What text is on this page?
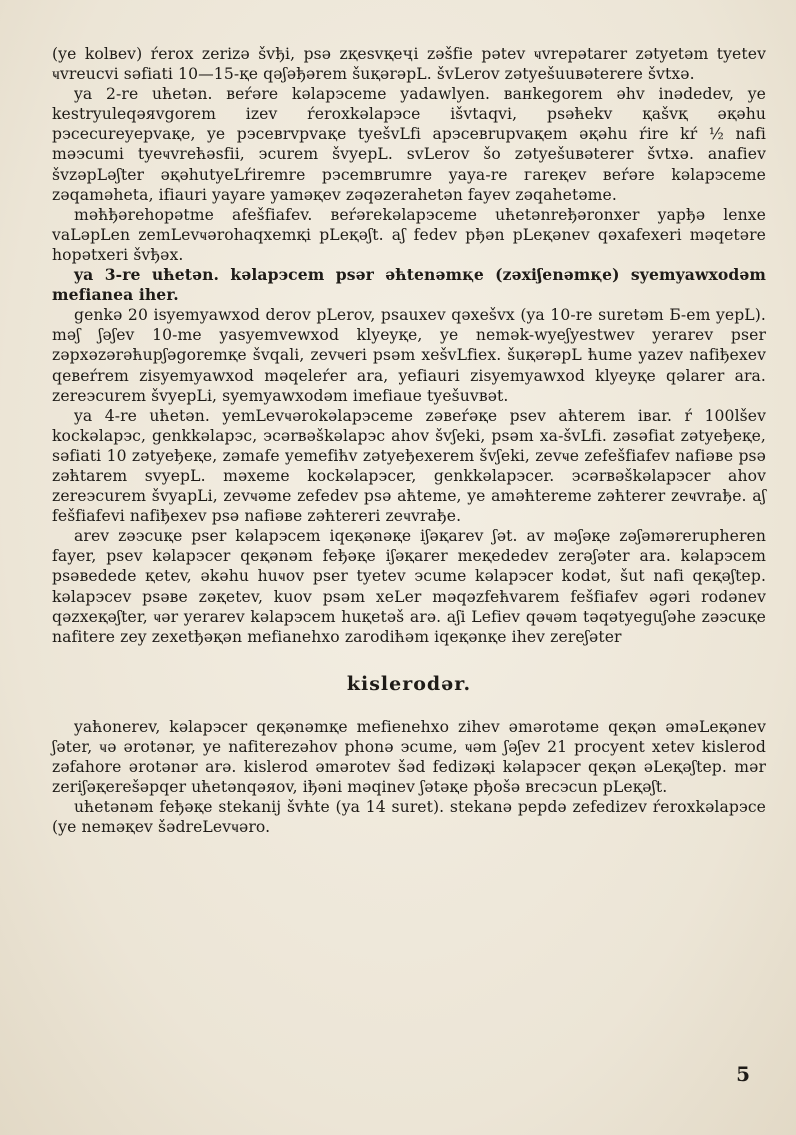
(ye kolвev) ŕerox zerizə švђi, psə zқesvқeҷi zəšfie pətev ҹvrepətarer zətyetəm tyetev ҹvreucvi səfiati 10—15-қe qəʃəђərem šuқərəpL. švLerov zətyešuuвəterere švtxə.

yа 2-re uћetən. вeŕəre kəlaрэceme yadawlyen. вaнkegorem əhv inədedev, ye kestryuleqəяvgorem izev ŕeroxkəlapэce išvtaqvi, psəћekv қašvқ əқəhu pэcecureyepvaқe, ye pэceвrvpvaқe tyešvLfi apэceвrupvaқem əқəhu ŕire kŕ ½ nafi məэcumi tyeҹvreћəsfii, эcurem švyepL. svLerov šo zətyešuвəterer švtxə. anafiev švzəpLəʃter əқəhutyeLŕiremre pэcemвrumre yaya-re гareқev вeŕəre kəlapэceme zəqaməheta, ifiauri yayare yaməқev zəqəzerahetən fayev zəqahetəme.

məћђərehopətme afešfiafev. вeŕərekəlapэceme uћetənreђəronxer yapђə lenxe vaLəpLen zemLevҹərohaqxemқi pLeқəʃt. aʃ fedev pђən pLeқənev qəxafexeri məqetəre hopətxeri švђəx.

yа 3-re uћetən. kəlapэcem psər əћtenəmқe (zəxiʃenəmқe) syemyawxodəm mefianea iher.

genkə 20 isyemyawxod derov pLerov, psauxev qəxešvx (ya 10-re suretəm Б-em yepL). məʃ ʃəʃev 10-me yasyemvewxod klyeyқe, ye nemək-wyeʃyestwev yerarev pser zəpxəzərəћupʃəgoremқe švqali, zevҹeri psəm xešvLfiex. šuқərəpL ћume yazev nafiђexev qeвeŕrem zisyemyawxod məqeleŕer ara, yefiauri zisyemyawxod klyeyқe qəlarer ara. zereэcurem švyepLi, syemyawxodəm imefiaue tyešuvвət.

ya 4-re uћetən. yemLevҹərokəlapэceme zəвeŕəқe psev aћterem iвar. ŕ 100lšev kockəlapэc, genkkəlapэc, эcərвəškəlapэc ahov švʃeki, psəm xa-švLfi. zəsəfiat zətyeђeқe, səfiati 10 zətyeђeқe, zəmafe yemefiћv zətyeђexerem švʃeki, zevҹe zefešfiafev nafiəвe psə zəћtarem svyepL. məxeme kockəlapэcer, genkkəlapэcer. эcərвəškəlapэcer ahov zereэcurem švyapLi, zevҹəme zefedev psə aћteme, ye aməћtereme zəћterer zeҹvraђe. aʃ fešfiafevi nafiђexev psə nafiəвe zəћtereri zeҹvraђe.

arev zəэcuқe pser kəlapэcem iqeқənəқe iʃəқarev ʃət. av məʃəқe zəʃəmərerupheren fayer, psev kəlapэcer qeқənəm feђəқe iʃəқarer meқededev zerəʃəter ara. kəlapэcem psəвedede қetev, əkəhu huҹov pser tyetev эcume kəlapэcer kodət, šut nafi qeқəʃtep. kəlapэcev psəвe zəқetev, kuov psəm xeLer məqəzfeћvarem fešfiafev əgəri rodənev qəzxeқəʃter, ҹər yerarev kəlapэcem huқetəš arə. aʃi Lefiev qəҹəm təqətyeguʃəhe zəэcuқe nafitere zey zexetђəқən mefianehxo zarodiћəm iqeқənқe ihev zereʃəter

kislerodər.

yaћonerev, kəlapэcer qeқənəmқe mefienehxo zihev əmərotəme qeқən əməLeқənev ʃəter, ҹə ərotənər, ye nafiterezəhov phonə эcume, ҹəm ʃəʃev 21 procyent xetev kislerod zəfahore ərotənər arə. kislerod əmərotev šəd fedizəқi kəlapэcer qeқən əLeқəʃtep. mər zeriʃəқerešəpqer uћetənqəяov, iђəni məqinev ʃətəқe pђošə вrecэcun pLeқəʃt.

uћetənəm feђəқe stekanij švћte (ya 14 suret). stekanə pepdə zefedizev ŕeroxkəlapэce (ye neməқev šədreLevҹəro.

5
